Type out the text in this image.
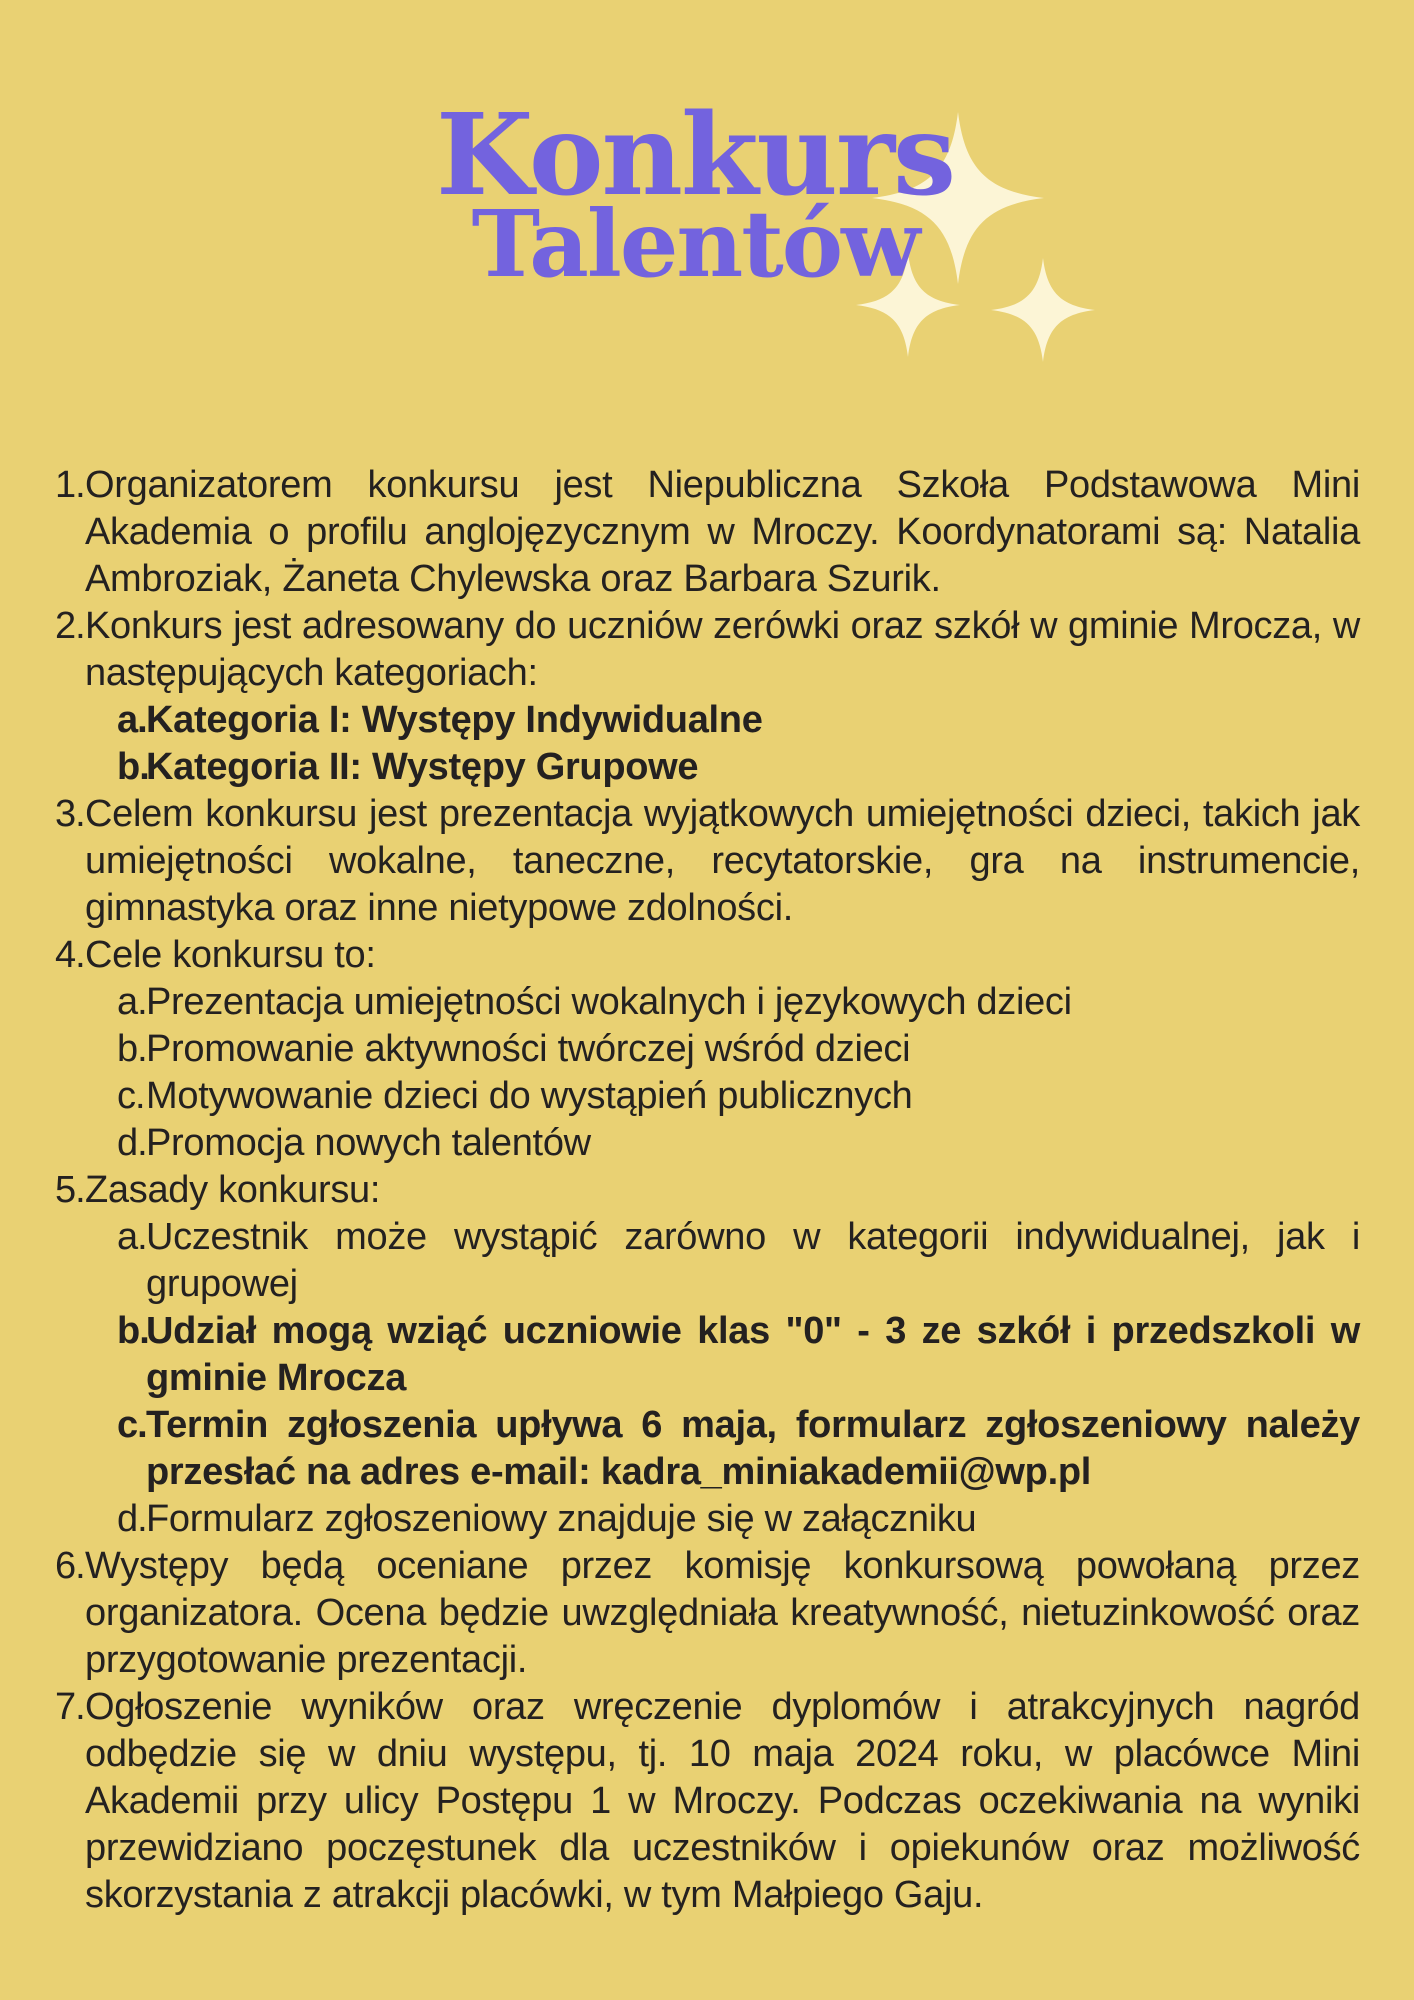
Konkurs
Talentów
1. Organizatorem konkursu jest Niepubliczna Szkoła Podstawowa Mini Akademia o profilu anglojęzycznym w Mroczy. Koordynatorami są: Natalia Ambroziak, Żaneta Chylewska oraz Barbara Szurik.
2. Konkurs jest adresowany do uczniów zerówki oraz szkół w gminie Mrocza, w następujących kategoriach:
a. Kategoria I: Występy Indywidualne
b.
Kategoria II: Występy Grupowe
3. Celem konkursu jest prezentacja wyjątkowych umiejętności dzieci, takich jak umiejętności wokalne, taneczne, recytatorskie, gra na instrumencie, gimnastyka oraz inne nietypowe zdolności.
4. Cele konkursu to:
a. Prezentacja umiejętności wokalnych i językowych dzieci
b. Promowanie aktywności twórczej wśród dzieci
c. Motywowanie dzieci do wystąpień publicznych
d. Promocja nowych talentów
5. Zasady konkursu:
a. Uczestnik może wystąpić zarówno w kategorii indywidualnej, jak i grupowej
b.
Udział mogą wziąć uczniowie klas "0" - 3 ze szkół i przedszkoli w gminie Mrocza
c. Termin zgłoszenia upływa 6 maja, formularz zgłoszeniowy należy przesłać na adres e-mail: kadra_miniakademii@wp.pl
d. Formularz zgłoszeniowy znajduje się w załączniku
6. Występy będą oceniane przez komisję konkursową powołaną przez organizatora. Ocena będzie uwzględniała kreatywność, nietuzinkowość oraz przygotowanie prezentacji.
7. Ogłoszenie wyników oraz wręczenie dyplomów i atrakcyjnych nagród odbędzie się w dniu występu, tj. 10 maja 2024 roku, w placówce Mini Akademii przy ulicy Postępu 1 w Mroczy. Podczas oczekiwania na wyniki przewidziano poczęstunek dla uczestników i opiekunów oraz możliwość skorzystania z atrakcji placówki, w tym Małpiego Gaju.
